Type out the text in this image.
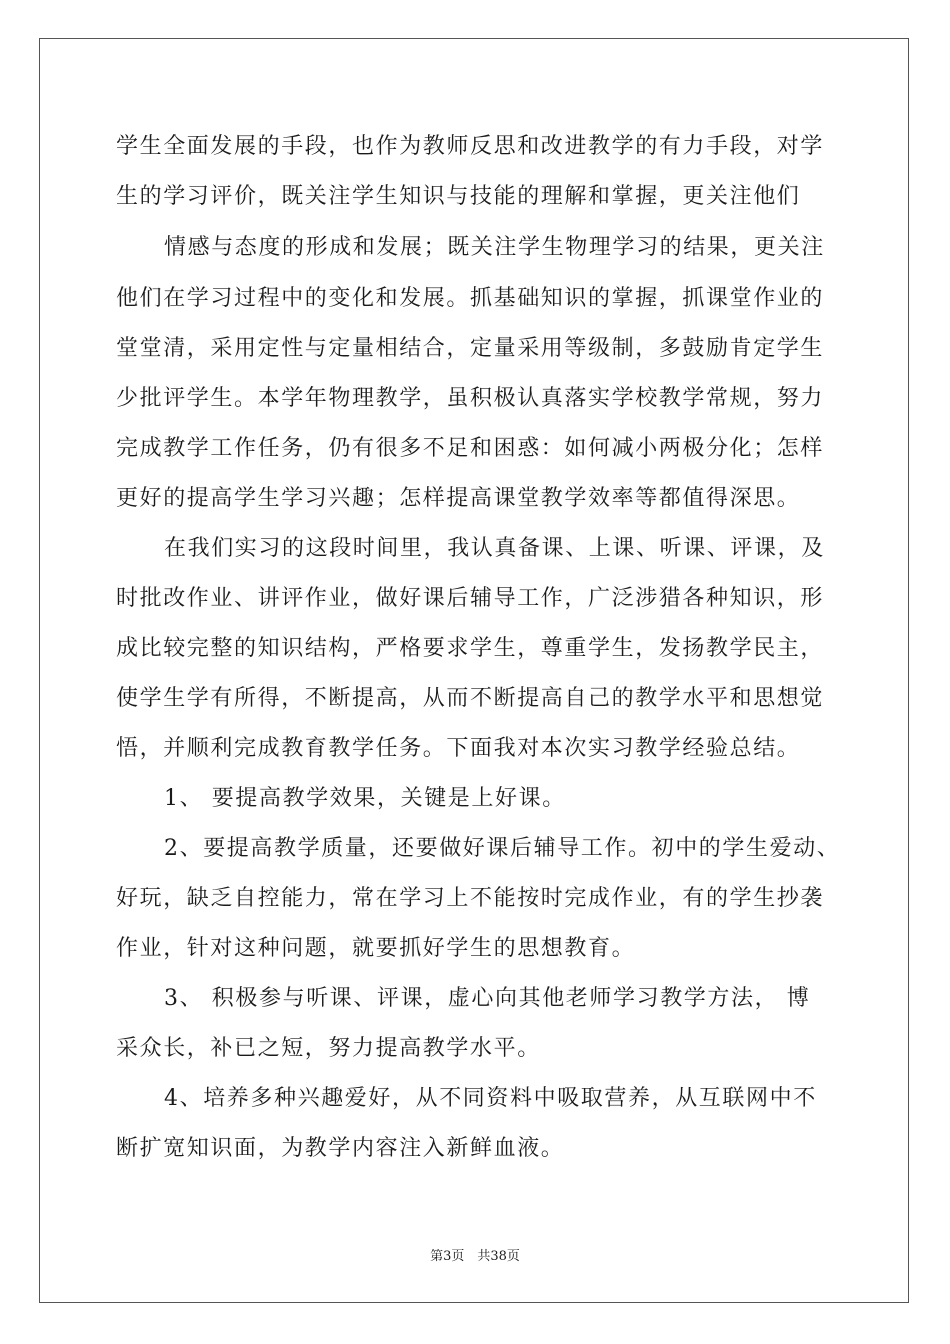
学生全面发展的手段，也作为教师反思和改进教学的有力手段，对学
生的学习评价，既关注学生知识与技能的理解和掌握，更关注他们
情感与态度的形成和发展；既关注学生物理学习的结果，更关注
他们在学习过程中的变化和发展。抓基础知识的掌握，抓课堂作业的
堂堂清，采用定性与定量相结合，定量采用等级制，多鼓励肯定学生
少批评学生。本学年物理教学，虽积极认真落实学校教学常规，努力
完成教学工作任务，仍有很多不足和困惑：如何减小两极分化；怎样
更好的提高学生学习兴趣；怎样提高课堂教学效率等都值得深思。
在我们实习的这段时间里，我认真备课、上课、听课、评课，及
时批改作业、讲评作业，做好课后辅导工作，广泛涉猎各种知识，形
成比较完整的知识结构，严格要求学生，尊重学生，发扬教学民主，
使学生学有所得，不断提高，从而不断提高自己的教学水平和思想觉
悟，并顺利完成教育教学任务。下面我对本次实习教学经验总结。
1、 要提高教学效果，关键是上好课。
2、要提高教学质量，还要做好课后辅导工作。初中的学生爱动、
好玩，缺乏自控能力，常在学习上不能按时完成作业，有的学生抄袭
作业，针对这种问题，就要抓好学生的思想教育。
3、 积极参与听课、评课，虚心向其他老师学习教学方法， 博
采众长，补已之短，努力提高教学水平。
4、培养多种兴趣爱好，从不同资料中吸取营养，从互联网中不
断扩宽知识面，为教学内容注入新鲜血液。
第3页　共38页
